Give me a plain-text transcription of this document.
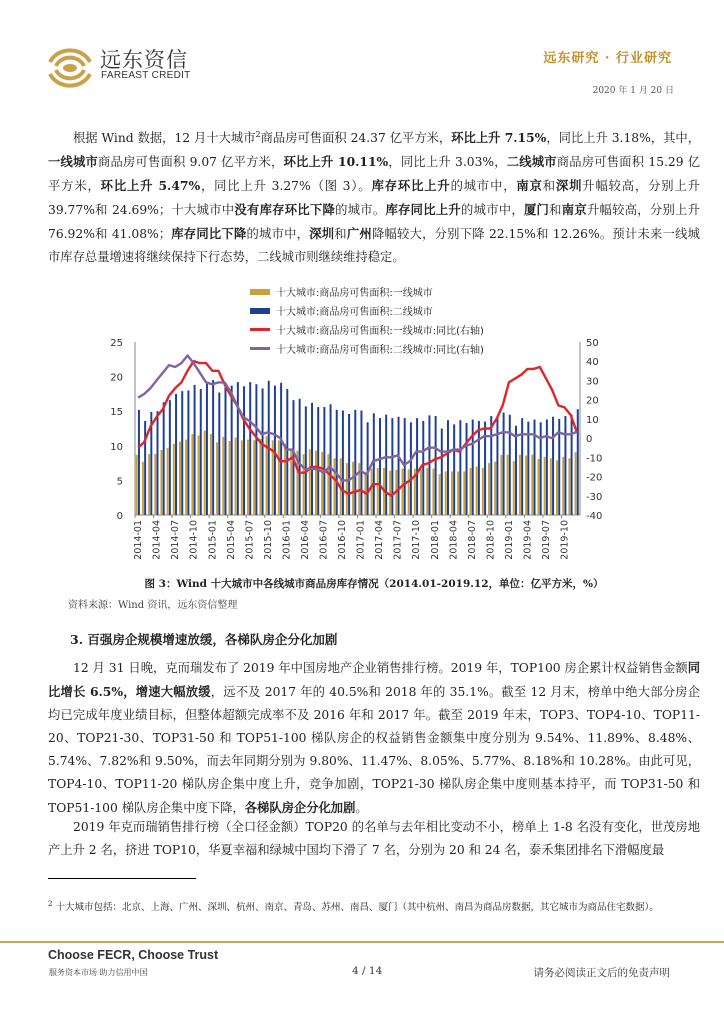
远东资信
FAREAST CREDIT
远东研究 · 行业研究
2020 年 1 月 20 日
根据 Wind 数据，12 月十大城市$^2$商品房可售面积 24.37 亿平方米，环比上升 7.15%，同比上升 3.18%，其中，一线城市商品房可售面积 9.07 亿平方米，环比上升 10.11%，同比上升 3.03%，二线城市商品房可售面积 15.29 亿平方米，环比上升 5.47%，同比上升 3.27%（图 3）。库存环比上升的城市中，南京和深圳升幅较高，分别上升 39.77%和 24.69%；十大城市中没有库存环比下降的城市。库存同比上升的城市中，厦门和南京升幅较高，分别上升 76.92%和 41.08%；库存同比下降的城市中，深圳和广州降幅较大，分别下降 22.15%和 12.26%。预计未来一线城市库存总量增速将继续保持下行态势，二线城市则继续维持稳定。
十大城市:商品房可售面积:一线城市
十大城市:商品房可售面积:二线城市
十大城市:商品房可售面积:一线城市:同比(右轴)
十大城市:商品房可售面积:二线城市:同比(右轴)
0
5
10
15
20
25
-40
-30
-20
-10
0
10
20
30
40
50
2014-01 2014-04 2014-07 2014-10 2015-01 2015-04 2015-07 2015-10 2016-01 2016-04 2016-07 2016-10 2017-01 2017-04 2017-07 2017-10 2018-01 2018-04 2018-07 2018-10 2019-01 2019-04 2019-07 2019-10
图 3：Wind 十大城市中各线城市商品房库存情况（2014.01-2019.12，单位：亿平方米，%）
资料来源：Wind 资讯，远东资信整理
3. 百强房企规模增速放缓，各梯队房企分化加剧
12 月 31 日晚，克而瑞发布了 2019 年中国房地产企业销售排行榜。2019 年，TOP100 房企累计权益销售金额同比增长 6.5%，增速大幅放缓，远不及 2017 年的 40.5%和 2018 年的 35.1%。截至 12 月末，榜单中绝大部分房企均已完成年度业绩目标，但整体超额完成率不及 2016 年和 2017 年。截至 2019 年末，TOP3、TOP4-10、TOP11-20、TOP21-30、TOP31-50 和 TOP51-100 梯队房企的权益销售金额集中度分别为 9.54%、11.89%、8.48%、5.74%、7.82%和 9.50%，而去年同期分别为 9.80%、11.47%、8.05%、5.77%、8.18%和 10.28%。由此可见，TOP4-10、TOP11-20 梯队房企集中度上升，竞争加剧，TOP21-30 梯队房企集中度则基本持平，而 TOP31-50 和 TOP51-100 梯队房企集中度下降，各梯队房企分化加剧。
2019 年克而瑞销售排行榜（全口径金额）TOP20 的名单与去年相比变动不小，榜单上 1-8 名没有变化，世茂房地产上升 2 名，挤进 TOP10，华夏幸福和绿城中国均下滑了 7 名，分别为 20 和 24 名，泰禾集团排名下滑幅度最
$^2$ 十大城市包括：北京、上海、广州、深圳、杭州、南京、青岛、苏州、南昌、厦门（其中杭州、南昌为商品房数据，其它城市为商品住宅数据）。
Choose FECR, Choose Trust
服务资本市场 助力信用中国	4 / 14	请务必阅读正文后的免责声明
